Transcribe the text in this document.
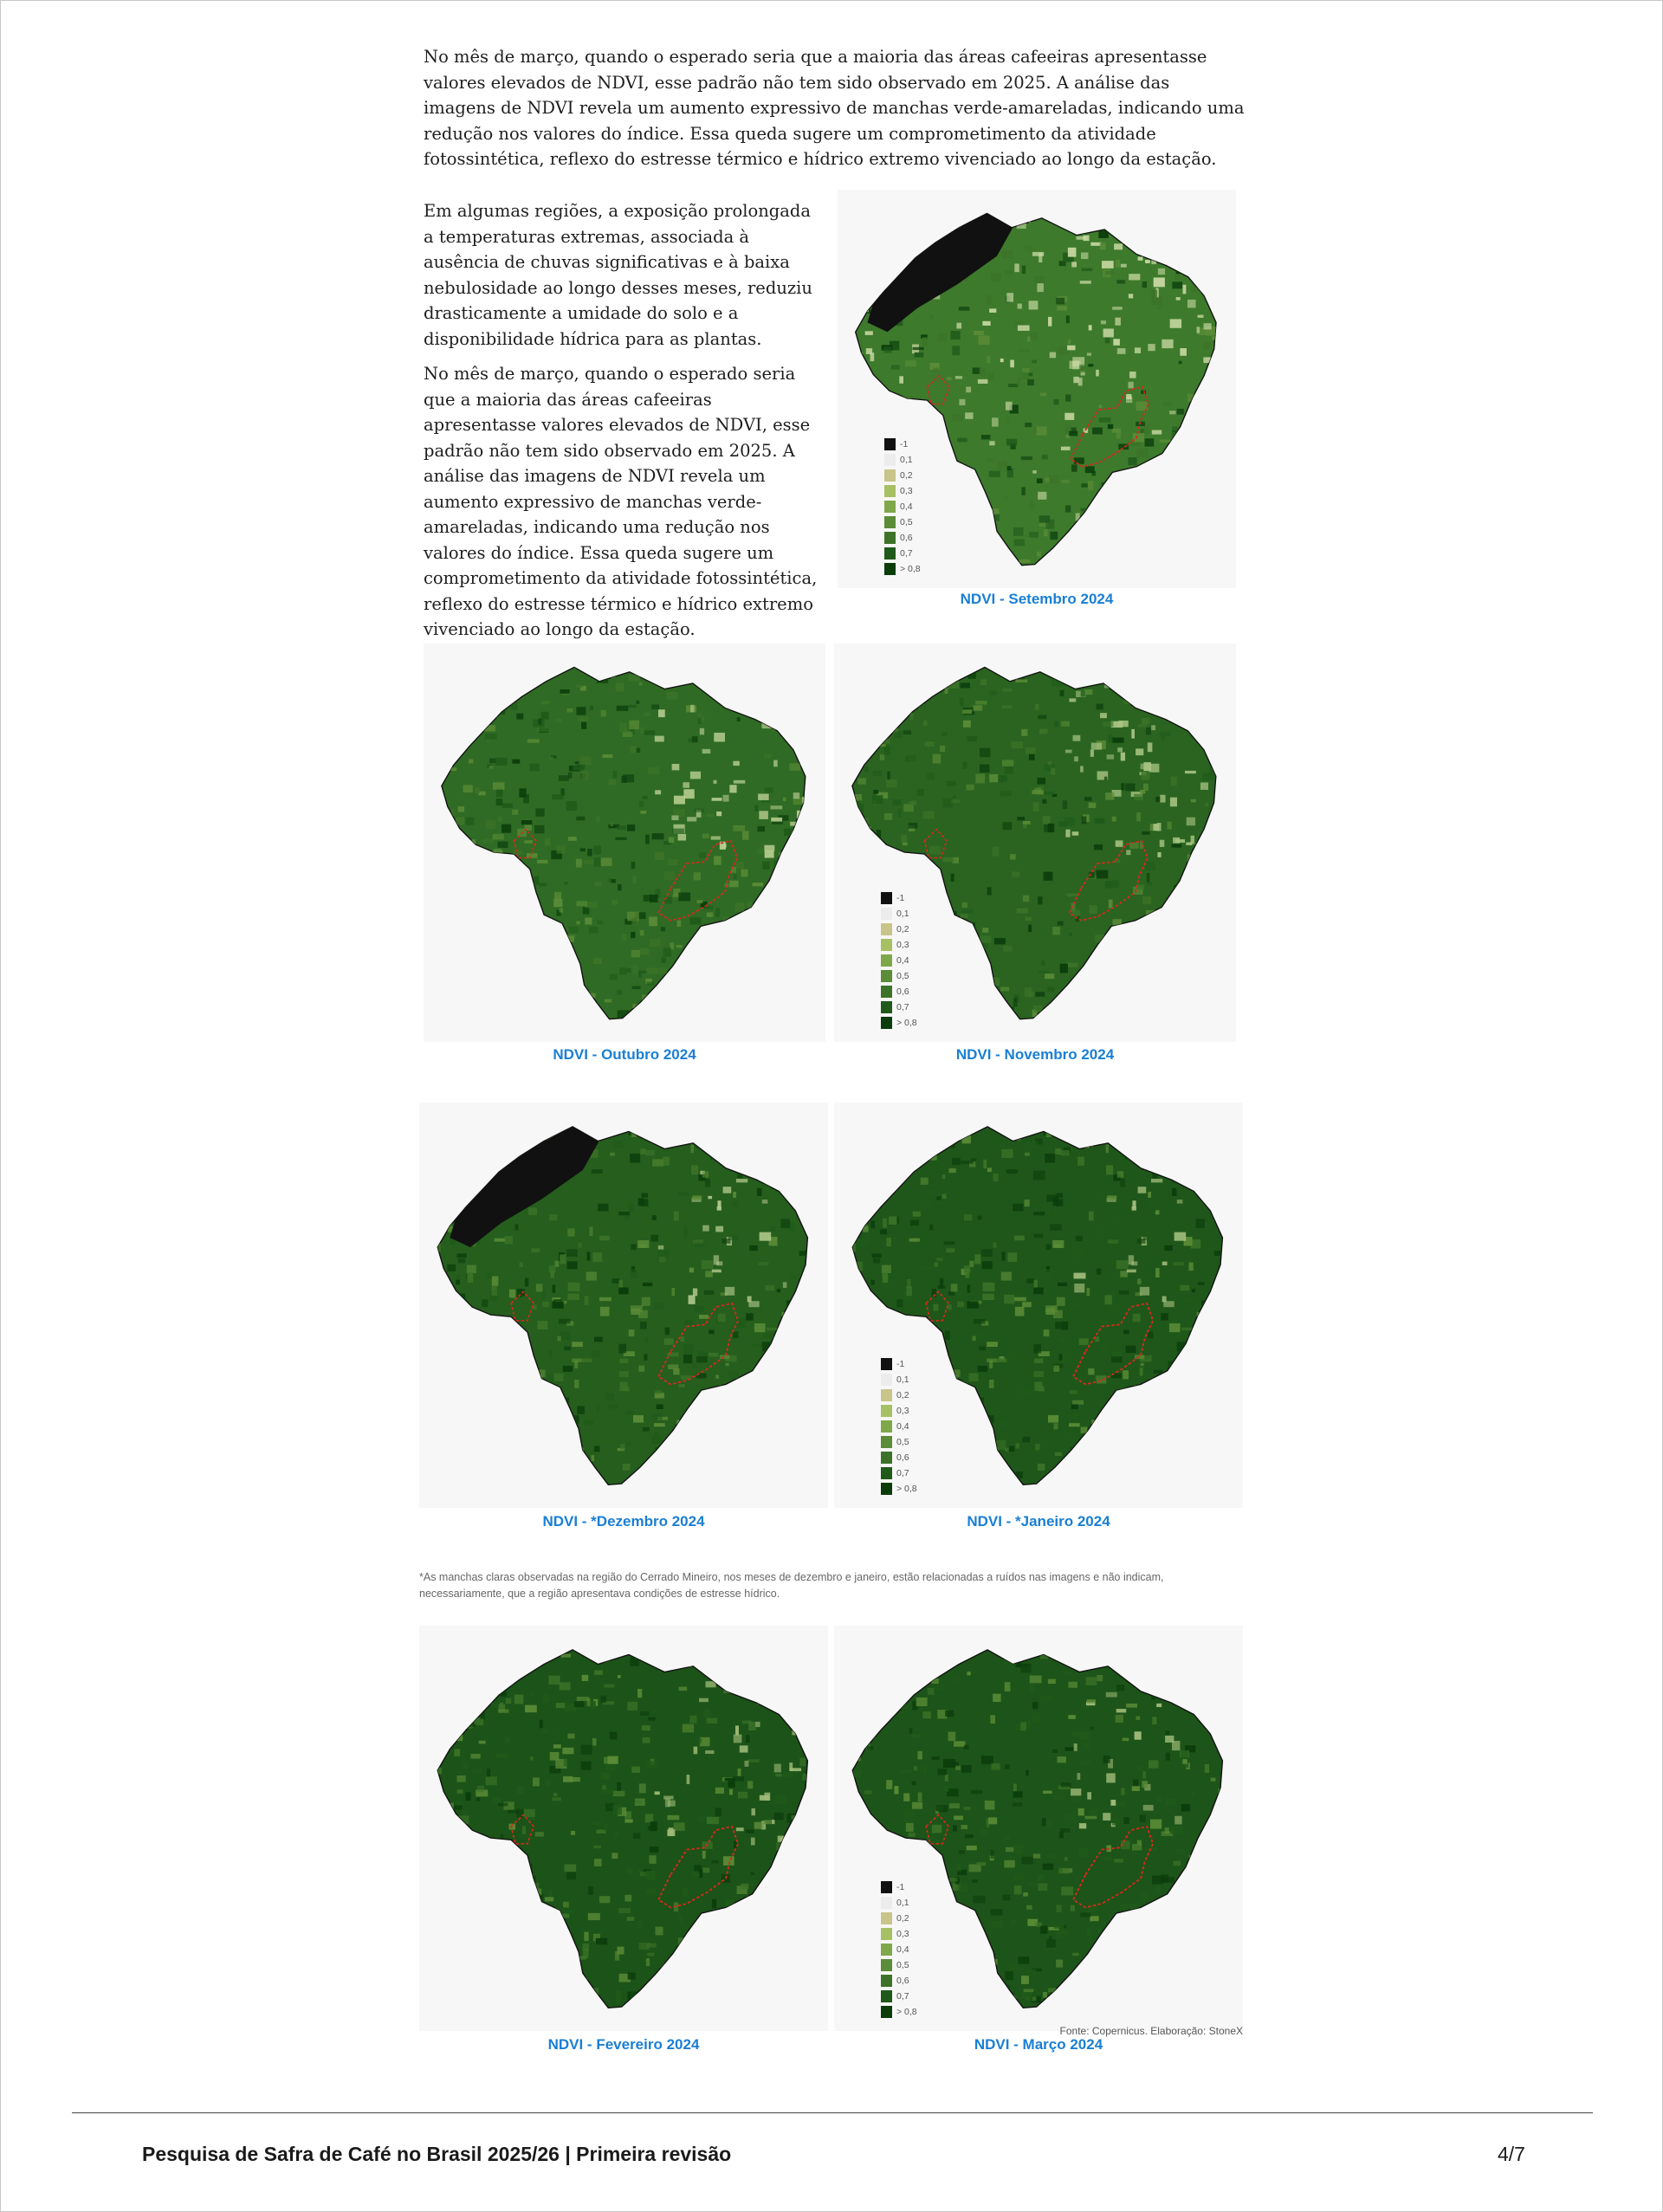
No mês de março, quando o esperado seria que a maioria das áreas cafeeiras apresentasse valores elevados de NDVI, esse padrão não tem sido observado em 2025. A análise das imagens de NDVI revela um aumento expressivo de manchas verde-amareladas, indicando uma redução nos valores do índice. Essa queda sugere um comprometimento da atividade fotossintética, reflexo do estresse térmico e hídrico extremo vivenciado ao longo da estação.

Em algumas regiões, a exposição prolongada a temperaturas extremas, associada à ausência de chuvas significativas e à baixa nebulosidade ao longo desses meses, reduziu drasticamente a umidade do solo e a disponibilidade hídrica para as plantas.

No mês de março, quando o esperado seria que a maioria das áreas cafeeiras apresentasse valores elevados de NDVI, esse padrão não tem sido observado em 2025. A análise das imagens de NDVI revela um aumento expressivo de manchas verde-amareladas, indicando uma redução nos valores do índice. Essa queda sugere um comprometimento da atividade fotossintética, reflexo do estresse térmico e hídrico extremo vivenciado ao longo da estação.

-1
0,1
0,2
0,3
0,4
0,5
0,6
0,7
> 0,8
NDVI - Setembro 2024
NDVI - Outubro 2024
-1
0,1
0,2
0,3
0,4
0,5
0,6
0,7
> 0,8
NDVI - Novembro 2024
NDVI - *Dezembro 2024
-1
0,1
0,2
0,3
0,4
0,5
0,6
0,7
> 0,8
NDVI - *Janeiro 2024

*As manchas claras observadas na região do Cerrado Mineiro, nos meses de dezembro e janeiro, estão relacionadas a ruídos nas imagens e não indicam, necessariamente, que a região apresentava condições de estresse hídrico.

NDVI - Fevereiro 2024
-1
0,1
0,2
0,3
0,4
0,5
0,6
0,7
> 0,8
NDVI - Março 2024
Fonte: Copernicus. Elaboração: StoneX
Pesquisa de Safra de Café no Brasil 2025/26 | Primeira revisão	4/7
